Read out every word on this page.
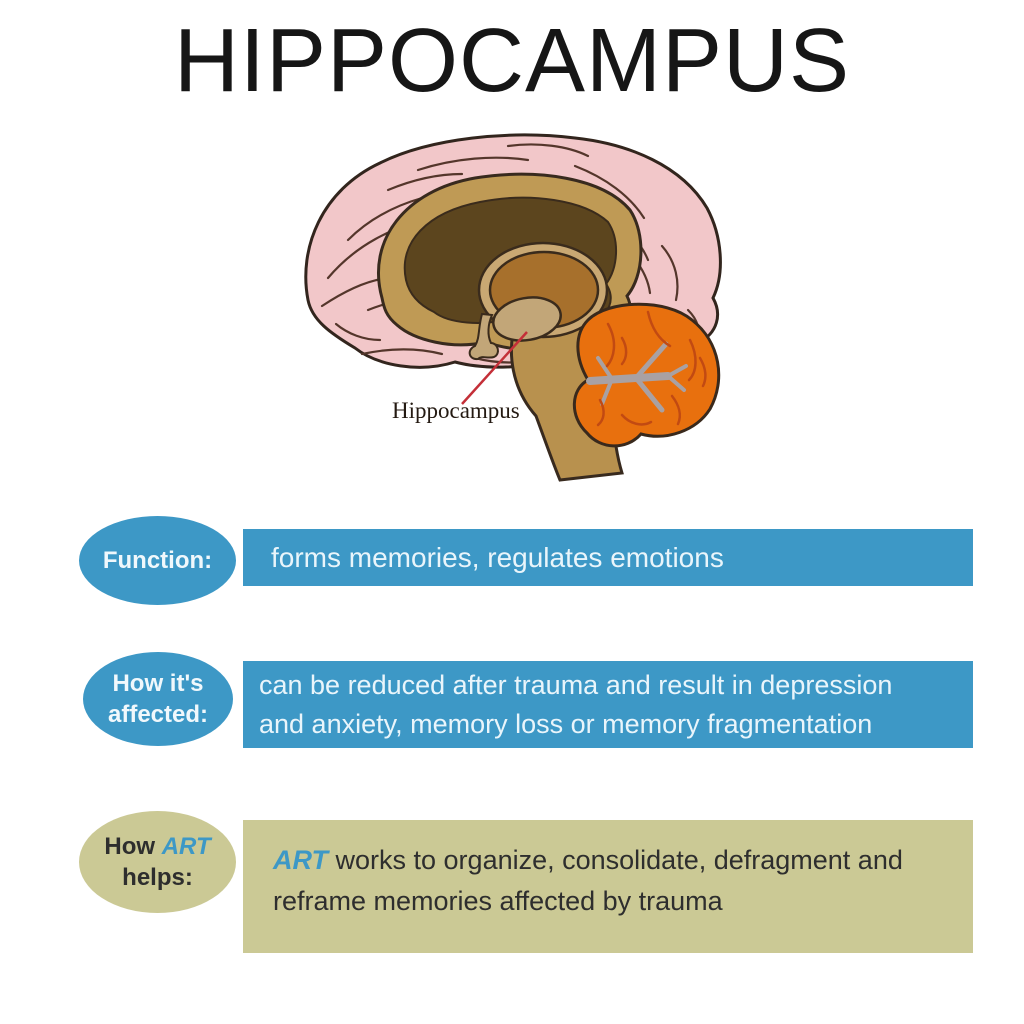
HIPPOCAMPUS
Hippocampus
Function: forms memories, regulates emotions
How it's
affected:
can be reduced after trauma and result in depression
and anxiety, memory loss or memory fragmentation
How ART
helps:
ART works to organize, consolidate, defragment and
reframe memories affected by trauma
